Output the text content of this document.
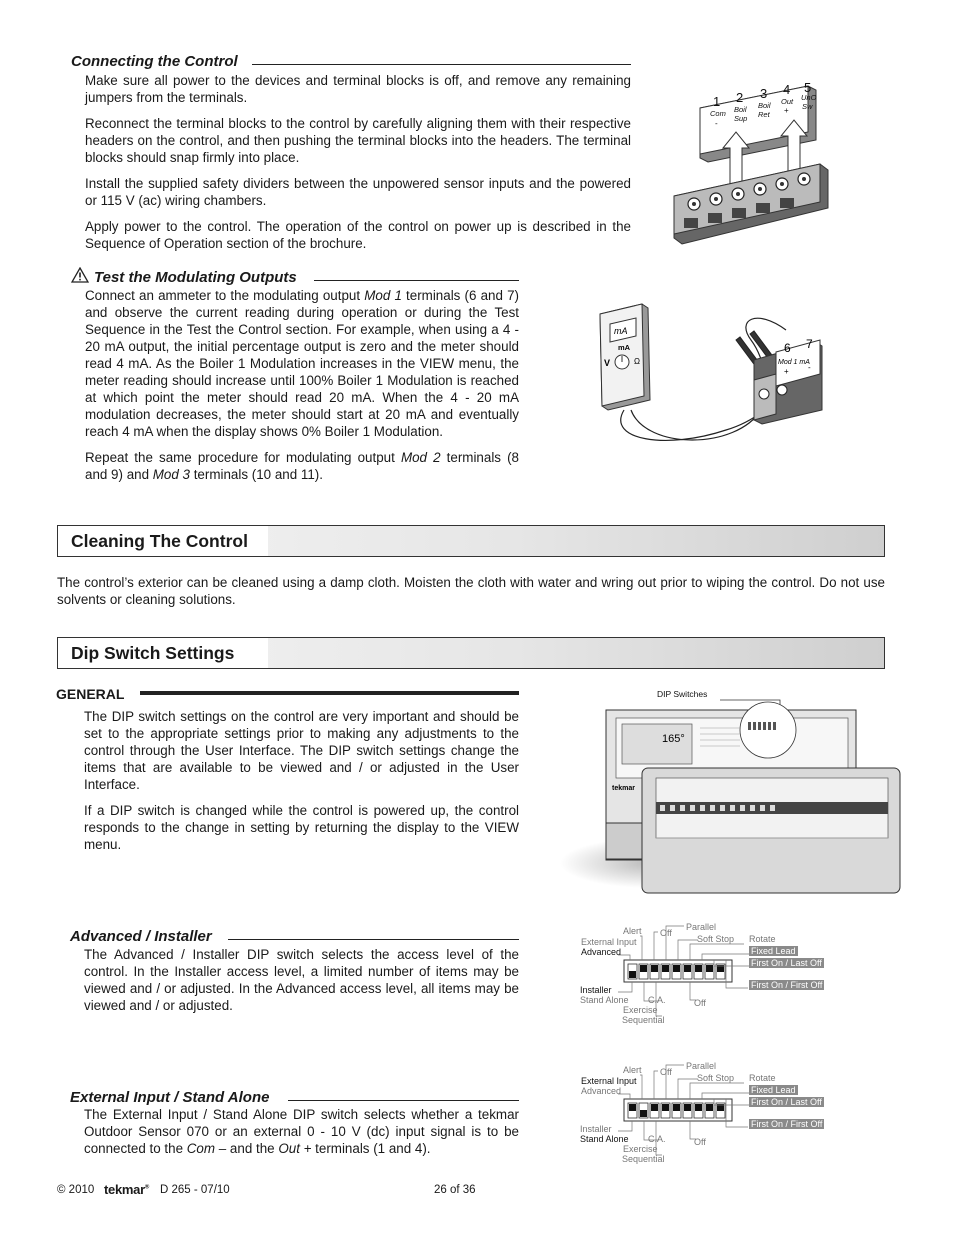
Connecting the Control

Make sure all power to the devices and terminal blocks is off, and remove any remaining jumpers from the terminals.

Reconnect the terminal blocks to the control by carefully aligning them with their respective headers on the control, and then pushing the terminal blocks into the headers. The terminal blocks should snap firmly into place.

Install the supplied safety dividers between the unpowered sensor inputs and the powered or 115 V (ac) wiring chambers.

Apply power to the control. The operation of the control on power up is described in the Sequence of Operation section of the brochure.

1
Com
-
2
Boil
Sup
3
Boil
Ret
4
Out
+
5
UnO
Sw
Test the Modulating Outputs

Connect an ammeter to the modulating output Mod 1 terminals (6 and 7) and observe the current reading during operation or during the Test Sequence in the Test the Control section. For example, when using a 4 - 20 mA output, the initial percentage output is zero and the meter should read 4 mA. As the Boiler 1 Modulation increases in the VIEW menu, the meter reading should increase until 100% Boiler 1 Modulation is reached at which point the meter should read 20 mA. When the 4 - 20 mA modulation decreases, the meter should start at 20 mA and eventually reach 4 mA when the display shows 0% Boiler 1 Modulation.

Repeat the same procedure for modulating output Mod 2 terminals (8 and 9) and Mod 3 terminals (10 and 11).

mA
mA
V	Ω
6 7
Mod 1 mA
+ -
Cleaning The Control
The control’s exterior can be cleaned using a damp cloth. Moisten the cloth with water and wring out prior to wiping the control. Do not use solvents or cleaning solutions.
Dip Switch Settings
GENERAL

The DIP switch settings on the control are very important and should be set to the appropriate settings prior to making any adjustments to the control through the User Interface. The DIP switch settings change the items that are available to be viewed and / or adjusted in the User Interface.

If a DIP switch is changed while the control is powered up, the control responds to the change in setting by returning the display to the VIEW menu.

DIP Switches
165°
tekmar
Advanced / Installer
The Advanced / Installer DIP switch selects the access level of the control. In the Installer access level, a limited number of items may be viewed and / or adjusted. In the Advanced access level, all items may be viewed and / or adjusted.
Alert Off
Parallel
Soft Stop Rotate
External Input
Advanced	Fixed Lead
First On / Last Off
Installer
Stand Alone C.A.
Exercise
Sequential
First On / First Off
Off
External Input / Stand Alone
The External Input / Stand Alone DIP switch selects whether a tekmar Outdoor Sensor 070 or an external 0 - 10 V (dc) input signal is to be connected to the Com – and the Out + terminals (1 and 4).
Alert Off
Parallel
Soft Stop Rotate
External Input
Advanced	Fixed Lead
First On / Last Off
Installer
Stand Alone C.A.
Exercise
Sequential
First On / First Off
Off
© 2010 tekmar® D 265 - 07/10	26 of 36
